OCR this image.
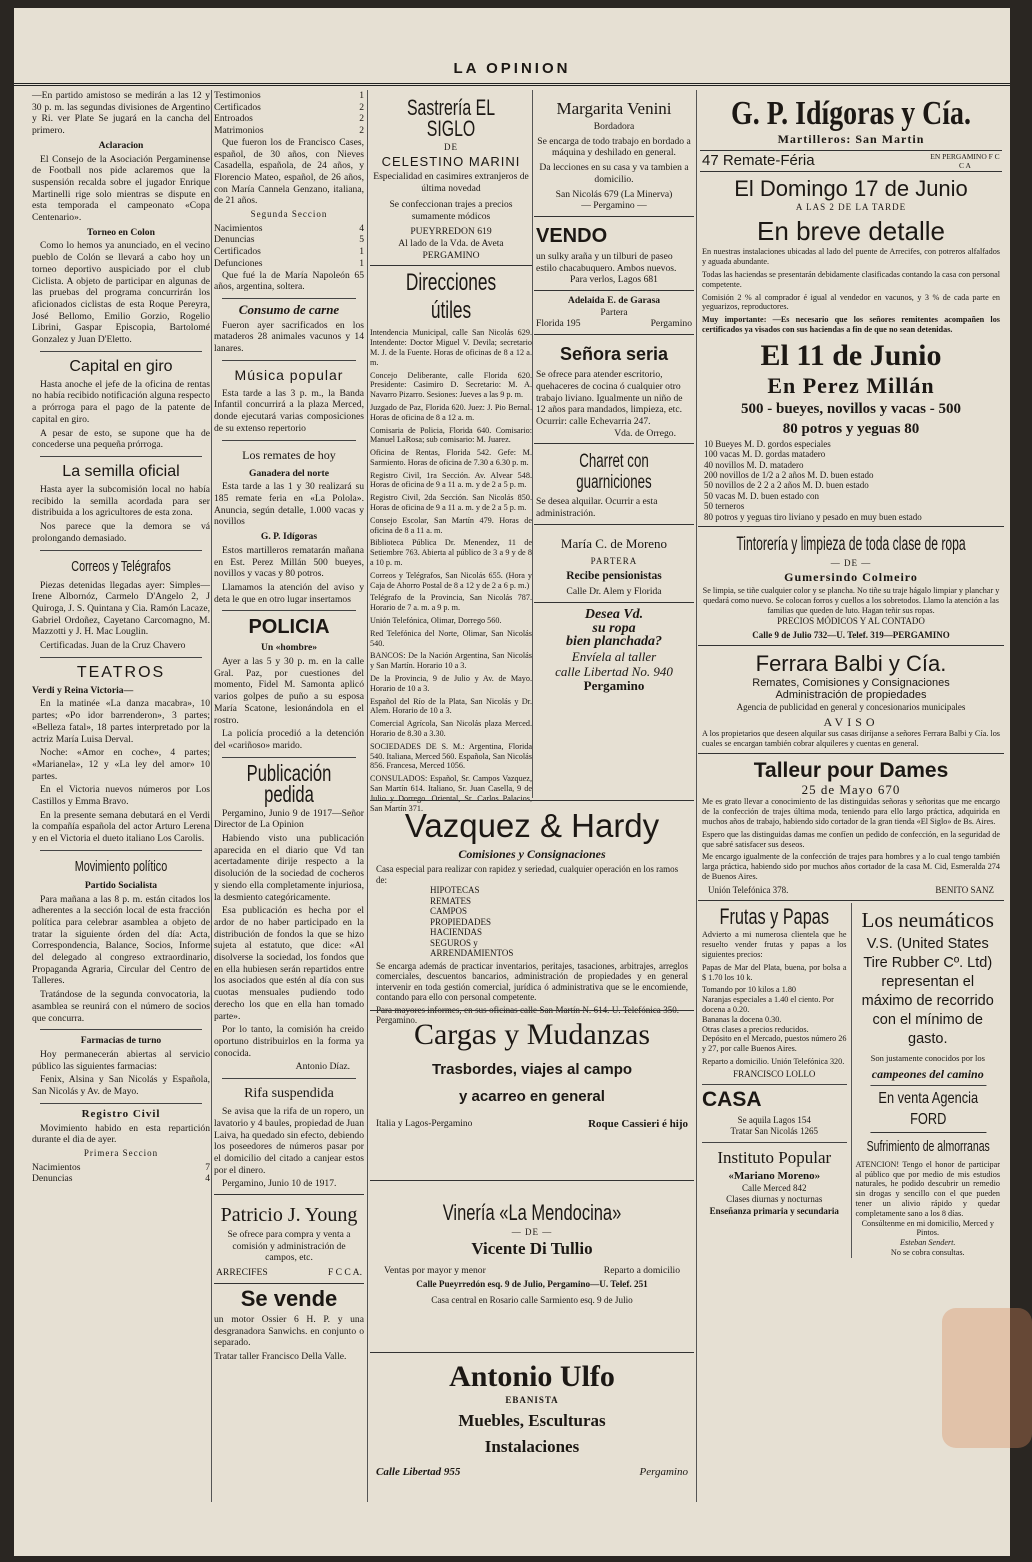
LA OPINION

—En partido amistoso se medirán a las 12 y 30 p. m. las segundas divisiones de Argentino y Ri. ver Plate Se jugará en la cancha del primero.

Aclaracion

El Consejo de la Asociación Pergaminense de Football nos pide aclaremos que la suspensión recalda sobre el jugador Enrique Martinelli rige solo mientras se dispute en esta temporada el campeonato «Copa Centenario».

Torneo en Colon

Como lo hemos ya anunciado, en el vecino pueblo de Colón se llevará a cabo hoy un torneo deportivo auspiciado por el club Ciclista. A objeto de participar en algunas de las pruebas del programa concurrirán los aficionados ciclistas de esta Roque Pereyra, José Bellomo, Emilio Gorzio, Rogelio Librini, Gaspar Episcopia, Bartolomé Gonzalez y Juan D'Eletto.

Capital en giro

Hasta anoche el jefe de la oficina de rentas no había recibido notificación alguna respecto a prórroga para el pago de la patente de capital en giro.

A pesar de esto, se supone que ha de concederse una pequeña prórroga.

La semilla oficial

Hasta ayer la subcomisión local no había recibido la semilla acordada para ser distribuida a los agricultores de esta zona.

Nos parece que la demora se vá prolongando demasiado.

Correos y Telégrafos

Piezas detenidas llegadas ayer: Simples—Irene Albornóz, Carmelo D'Angelo 2, J Quiroga, J. S. Quintana y Cia. Ramón Lacaze, Gabriel Ordoñez, Cayetano Carcomagno, M. Mazzotti y J. H. Mac Louglin.

Certificadas. Juan de la Cruz Chavero

TEATROS
Verdi y Reina Victoria—

En la matinée «La danza macabra», 10 partes; «Po idor barrenderon», 3 partes; «Belleza fatal», 18 partes interpretado por la actriz María Luisa Derval.

Noche: «Amor en coche», 4 partes; «Marianela», 12 y «La ley del amor» 10 partes.

En el Victoria nuevos números por Los Castillos y Emma Bravo.

En la presente semana debutará en el Verdi la compañía española del actor Arturo Lerena y en el Victoria el dueto italiano Los Carolis.

Movimiento político
Partido Socialista

Para mañana a las 8 p. m. están citados los adherentes a la sección local de esta fracción política para celebrar asamblea a objeto de tratar la siguiente órden del día: Acta, Correspondencia, Balance, Socios, Informe del delegado al congreso extraordinario, Propaganda Agraria, Circular del Centro de Talleres.

Tratándose de la segunda convocatoria, la asamblea se reunirá con el número de socios que concurra.

Farmacias de turno

Hoy permanecerán abiertas al servicio público las siguientes farmacias:

Fenix, Alsina y San Nicolás y Española, San Nicolás y Av. de Mayo.

Registro Civil

Movimiento habido en esta repartición durante el dia de ayer.

Primera Seccion
Nacimientos	7
Denuncias	4
Testimonios	1
Certificados	2
Entroados	2
Matrimonios	2

Que fueron los de Francisco Cases, español, de 30 años, con Nieves Casadella, española, de 24 años, y Florencio Mateo, español, de 26 años, con María Cannela Genzano, italiana, de 21 años.

Segunda Seccion
Nacimientos	4
Denuncias	5
Certificados	1
Defunciones	1

Que fué la de María Napoleón 65 años, argentina, soltera.

Consumo de carne

Fueron ayer sacrificados en los mataderos 28 animales vacunos y 14 lanares.

Música popular

Esta tarde a las 3 p. m., la Banda Infantil concurrirá a la plaza Merced, donde ejecutará varias composiciones de su extenso repertorio

Los remates de hoy
Ganadera del norte

Esta tarde a las 1 y 30 realizará su 185 remate feria en «La Polola». Anuncia, según detalle, 1.000 vacas y novillos

G. P. Idígoras

Estos martilleros rematarán mañana en Est. Perez Millán 500 bueyes, novillos y vacas y 80 potros.

Llamamos la atención del aviso y deta le que en otro lugar insertamos

POLICIA
Un «hombre»

Ayer a las 5 y 30 p. m. en la calle Gral. Paz, por cuestiones del momento, Fidel M. Samonta aplicó varios golpes de puño a su esposa María Scatone, lesionándola en el rostro.

La policía procedió a la detención del «cariñoso» marido.

Publicación pedida

Pergamino, Junio 9 de 1917—Señor Director de La Opinion

Habiendo visto una publicación aparecida en el diario que Vd tan acertadamente dirije respecto a la disolución de la sociedad de cocheros y siendo ella completamente injuriosa, la desmiento categóricamente.

Esa publicación es hecha por el ardor de no haber participado en la distribución de fondos la que se hizo sujeta al estatuto, que dice: «Al disolverse la sociedad, los fondos que en ella hubiesen serán repartidos entre los asociados que estén al día con sus cuotas mensuales pudiendo todo derecho los que en ella han tomado parte».

Por lo tanto, la comisión ha creido oportuno distribuirlos en la forma ya conocida.

Antonio Díaz.
Rifa suspendida

Se avisa que la rifa de un ropero, un lavatorio y 4 baules, propiedad de Juan Laiva, ha quedado sin efecto, debiendo los poseedores de números pasar por el domicilio del citado a canjear estos por el dinero.

Pergamino, Junio 10 de 1917.

Patricio J. Young
Se ofrece para compra y venta a comisión y administración de campos, etc.
ARRECIFES	F C C A.
Se vende

un motor Ossier 6 H. P. y una desgranadora Sanwichs. en conjunto o separado.

Tratar taller Francisco Della Valle.

Sastrería EL SIGLO
DE
CELESTINO MARINI
Especialidad en casimires extranjeros de última novedad
Se confeccionan trajes a precios sumamente módicos
PUEYRREDON 619
Al lado de la Vda. de Aveta
PERGAMINO
Direcciones útiles

Intendencia Municipal, calle San Nicolás 629. Intendente: Doctor Miguel V. Devila; secretario M. J. de la Fuente. Horas de oficinas de 8 a 12 a. m.

Concejo Deliberante, calle Florida 620. Presidente: Casimiro D. Secretario: M. A. Navarro Pizarro. Sesiones: Jueves a las 9 p. m.

Juzgado de Paz, Florida 620. Juez: J. Pio Bernal. Horas de oficina de 8 a 12 a. m.

Comisaria de Policia, Florida 640. Comisario: Manuel LaRosa; sub comisario: M. Juarez.

Oficina de Rentas, Florida 542. Gefe: M. Sarmiento. Horas de oficina de 7.30 a 6.30 p. m.

Registro Civil, 1ra Sección. Av. Alvear 548. Horas de oficina de 9 a 11 a. m. y de 2 a 5 p. m.

Registro Civil, 2da Sección. San Nicolás 850. Horas de oficina de 9 a 11 a. m. y de 2 a 5 p. m.

Consejo Escolar, San Martín 479. Horas de oficina de 8 a 11 a. m.

Biblioteca Pública Dr. Menendez, 11 de Setiembre 763. Abierta al público de 3 a 9 y de 8 a 10 p. m.

Correos y Telégrafos, San Nicolás 655. (Hora y Caja de Ahorro Postal de 8 a 12 y de 2 a 6 p. m.)

Telégrafo de la Provincia, San Nicolás 787. Horario de 7 a. m. a 9 p. m.

Unión Telefónica, Olimar, Dorrego 560.

Red Telefónica del Norte, Olimar, San Nicolás 540.

BANCOS: De la Nación Argentina, San Nicolás y San Martín. Horario 10 a 3.

De la Provincia, 9 de Julio y Av. de Mayo. Horario de 10 a 3.

Español del Río de la Plata, San Nicolás y Dr. Alem. Horario de 10 a 3.

Comercial Agrícola, San Nicolás plaza Merced. Horario de 8.30 a 3.30.

SOCIEDADES DE S. M.: Argentina, Florida 540. Italiana, Merced 560. Española, San Nicolás 856. Francesa, Merced 1056.

CONSULADOS: Español, Sr. Campos Vazquez, San Martín 614. Italiano, Sr. Juan Casella, 9 de Julio y Dorrego. Oriental, Sr. Carlos Palacios, San Martín 371.

Margarita Venini
Bordadora
Se encarga de todo trabajo en bordado a máquina y deshilado en general.
Da lecciones en su casa y va tambien a domicilio.
San Nicolás 679 (La Minerva)
— Pergamino —
VENDO
un sulky araña y un tilburi de paseo estilo chacabuquero. Ambos nuevos.
Para verlos, Lagos 681
Adelaida E. de Garasa
Partera
Florida 195	Pergamino
Señora seria
Se ofrece para atender escritorio, quehaceres de cocina ó cualquier otro trabajo liviano. Igualmente un niño de 12 años para mandados, limpieza, etc. Ocurrir: calle Echevarria 247.
Vda. de Orrego.
Charret con guarniciones
Se desea alquilar. Ocurrir a esta administración.
María C. de Moreno
PARTERA
Recibe pensionistas
Calle Dr. Alem y Florida
Desea Vd.
su ropa
bien planchada?
Envíela al taller
calle Libertad No. 940
Pergamino
Vazquez & Hardy
Comisiones y Consignaciones
Casa especial para realizar con rapidez y seriedad, cualquier operación en los ramos de:
HIPOTECAS
REMATES
CAMPOS
PROPIEDADES
HACIENDAS
SEGUROS y
ARRENDAMIENTOS
Se encarga además de practicar inventarios, peritajes, tasaciones, arbitrajes, arreglos comerciales, descuentos bancarios, administración de propiedades y en general intervenir en toda gestión comercial, jurídica ó administrativa que se le encomiende, contando para ello con personal competente.
Para mayores informes, en sus oficinas calle San Martín N. 614. U. Telefónica 350.—Pergamino.
Cargas y Mudanzas
Trasbordes, viajes al campo
y acarreo en general
Italia y Lagos-Pergamino	Roque Cassieri é hijo
Vinería «La Mendocina»
— DE —
Vicente Di Tullio
Ventas por mayor y menor	Reparto a domicilio
Calle Pueyrredón esq. 9 de Julio, Pergamino—U. Telef. 251
Casa central en Rosario calle Sarmiento esq. 9 de Julio
Antonio Ulfo
EBANISTA
Muebles, Esculturas
Instalaciones
Calle Libertad 955	Pergamino
G. P. Idígoras y Cía.
Martilleros: San Martin
47 Remate-Féria	EN PERGAMINO F C C A
El Domingo 17 de Junio
A LAS 2 DE LA TARDE
En breve detalle

En nuestras instalaciones ubicadas al lado del puente de Arrecifes, con potreros alfalfados y aguada abundante.

Todas las haciendas se presentarán debidamente clasificadas contando la casa con personal competente.

Comisión 2 % al comprador é igual al vendedor en vacunos, y 3 % de cada parte en yeguarizos, reproductores.

Muy importante: —Es necesario que los señores remitentes acompañen los certificados ya visados con sus haciendas a fin de que no sean detenidas.

El 11 de Junio
En Perez Millán
500 - bueyes, novillos y vacas - 500
80 potros y yeguas 80
10 Bueyes M. D. gordos especiales
100 vacas M. D. gordas matadero
40 novillos M. D. matadero
200 novillos de 1/2 a 2 años M. D. buen estado
50 novillos de 2 2 a 2 años M. D. buen estado
50 vacas M. D. buen estado con
50 terneros
80 potros y yeguas tiro liviano y pesado en muy buen estado
Tintorería y limpieza de toda clase de ropa
— DE —
Gumersindo Colmeiro
Se limpia, se tiñe cualquier color y se plancha. No tiñe su traje hágalo limpiar y planchar y quedará como nuevo. Se colocan forros y cuellos a los sobretodos. Llamo la atención a las familias que queden de luto. Hagan teñir sus ropas.
PRECIOS MÓDICOS Y AL CONTADO
Calle 9 de Julio 732—U. Telef. 319—PERGAMINO
Ferrara Balbi y Cía.
Remates, Comisiones y Consignaciones
Administración de propiedades
Agencia de publicidad en general y concesionarios municipales
AVISO
A los propietarios que deseen alquilar sus casas diríjanse a señores Ferrara Balbi y Cía. los cuales se encargan también cobrar alquileres y cuentas en general.
Talleur pour Dames
25 de Mayo 670

Me es grato llevar a conocimiento de las distinguidas señoras y señoritas que me encargo de la confección de trajes última moda, teniendo para ello largo práctica, adquirida en muchos años de trabajo, habiendo sido cortador de la gran tienda «El Siglo» de Bs. Aires.

Espero que las distinguidas damas me confíen un pedido de confección, en la seguridad de que sabré satisfacer sus deseos.

Me encargo igualmente de la confección de trajes para hombres y a lo cual tengo también larga práctica, habiendo sido por muchos años cortador de la casa M. Cid, Esmeralda 274 de Buenos Aires.

Unión Telefónica 378.	BENITO SANZ
Frutas y Papas

Advierto a mi numerosa clientela que he resuelto vender frutas y papas a los siguientes precios:

Papas de Mar del Plata, buena, por bolsa a $ 1.70 los 10 k.

Tomando por 10 kilos a 1.80
Naranjas especiales a 1.40 el ciento. Por docena a 0.20.
Bananas la docena 0.30.
Otras clases a precios reducidos.

Depósito en el Mercado, puestos número 26 y 27, por calle Buenos Aires.

Reparto a domicilio. Unión Telefónica 320.

FRANCISCO LOLLO
CASA
Se aquila Lagos 154
Tratar San Nicolás 1265
Instituto Popular
«Mariano Moreno»
Calle Merced 842
Clases diurnas y nocturnas
Enseñanza primaria y secundaria
Los neumáticos
V.S. (United States Tire Rubber Cº. Ltd) representan el máximo de recorrido con el mínimo de gasto.
Son justamente conocidos por los
campeones del camino
En venta Agencia FORD
Sufrimiento de almorranas
ATENCION! Tengo el honor de participar al público que por medio de mis estudios naturales, he podido descubrir un remedio sin drogas y sencillo con el que pueden tener un alivio rápido y quedar completamente sano a los 8 días.
Consúltenme en mi domicilio, Merced y Pintos.
Esteban Sendert.
No se cobra consultas.
